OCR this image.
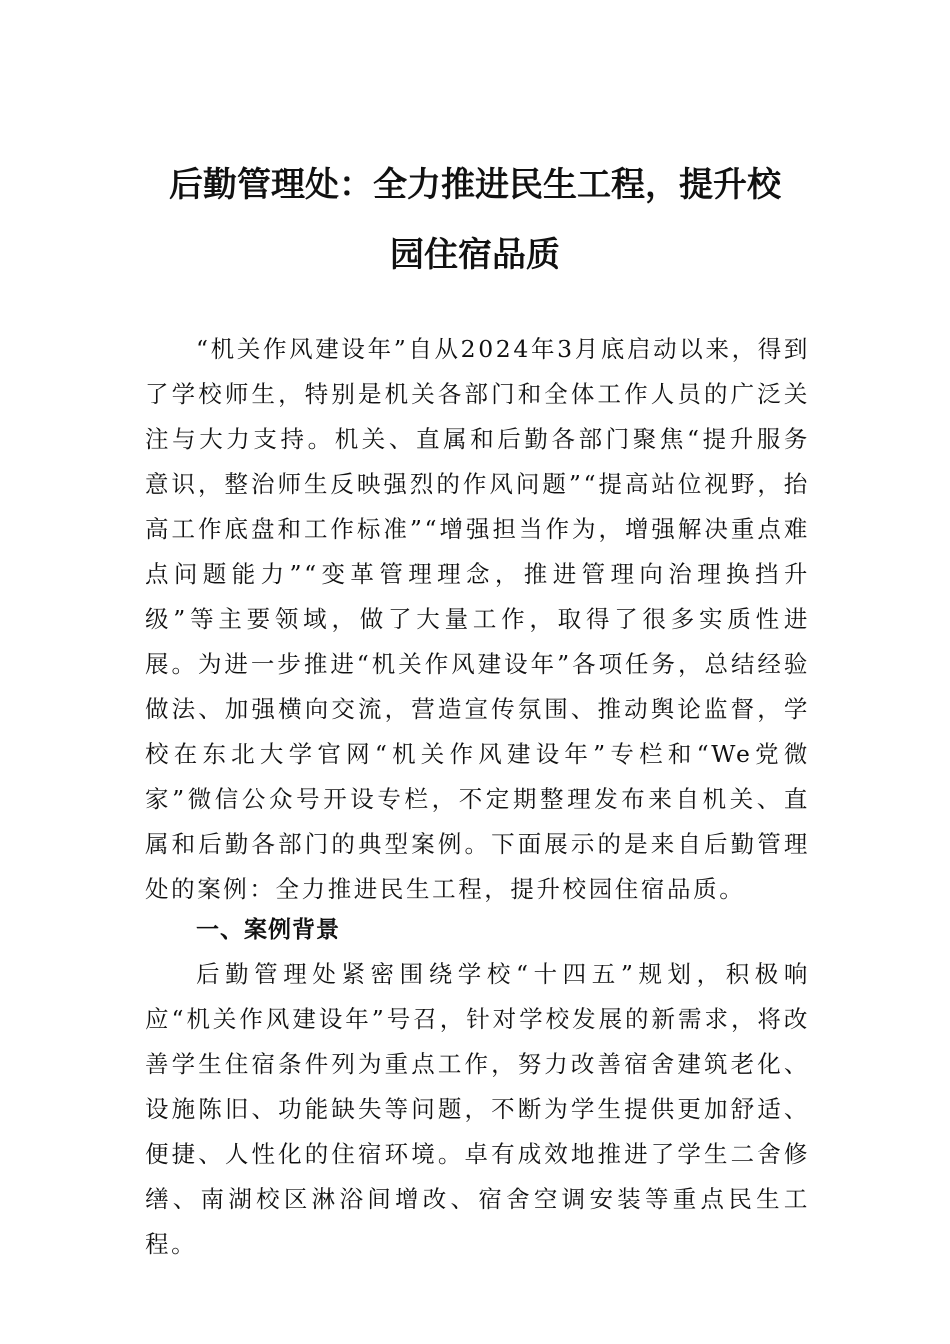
后勤管理处：全力推进民生工程，提升校
园住宿品质

“机关作风建设年”自从2024年3月底启动以来，得到了学校师生，特别是机关各部门和全体工作人员的广泛关注与大力支持。机关、直属和后勤各部门聚焦“提升服务意识，整治师生反映强烈的作风问题”“提高站位视野，抬高工作底盘和工作标准”“增强担当作为，增强解决重点难点问题能力”“变革管理理念，推进管理向治理换挡升级”等主要领域，做了大量工作，取得了很多实质性进展。为进一步推进“机关作风建设年”各项任务，总结经验做法、加强横向交流，营造宣传氛围、推动舆论监督，学校在东北大学官网“机关作风建设年”专栏和“We党微家”微信公众号开设专栏，不定期整理发布来自机关、直属和后勤各部门的典型案例。下面展示的是来自后勤管理处的案例：全力推进民生工程，提升校园住宿品质。

一、案例背景

后勤管理处紧密围绕学校“十四五”规划，积极响应“机关作风建设年”号召，针对学校发展的新需求，将改善学生住宿条件列为重点工作，努力改善宿舍建筑老化、设施陈旧、功能缺失等问题，不断为学生提供更加舒适、便捷、人性化的住宿环境。卓有成效地推进了学生二舍修缮、南湖校区淋浴间增改、宿舍空调安装等重点民生工程。
